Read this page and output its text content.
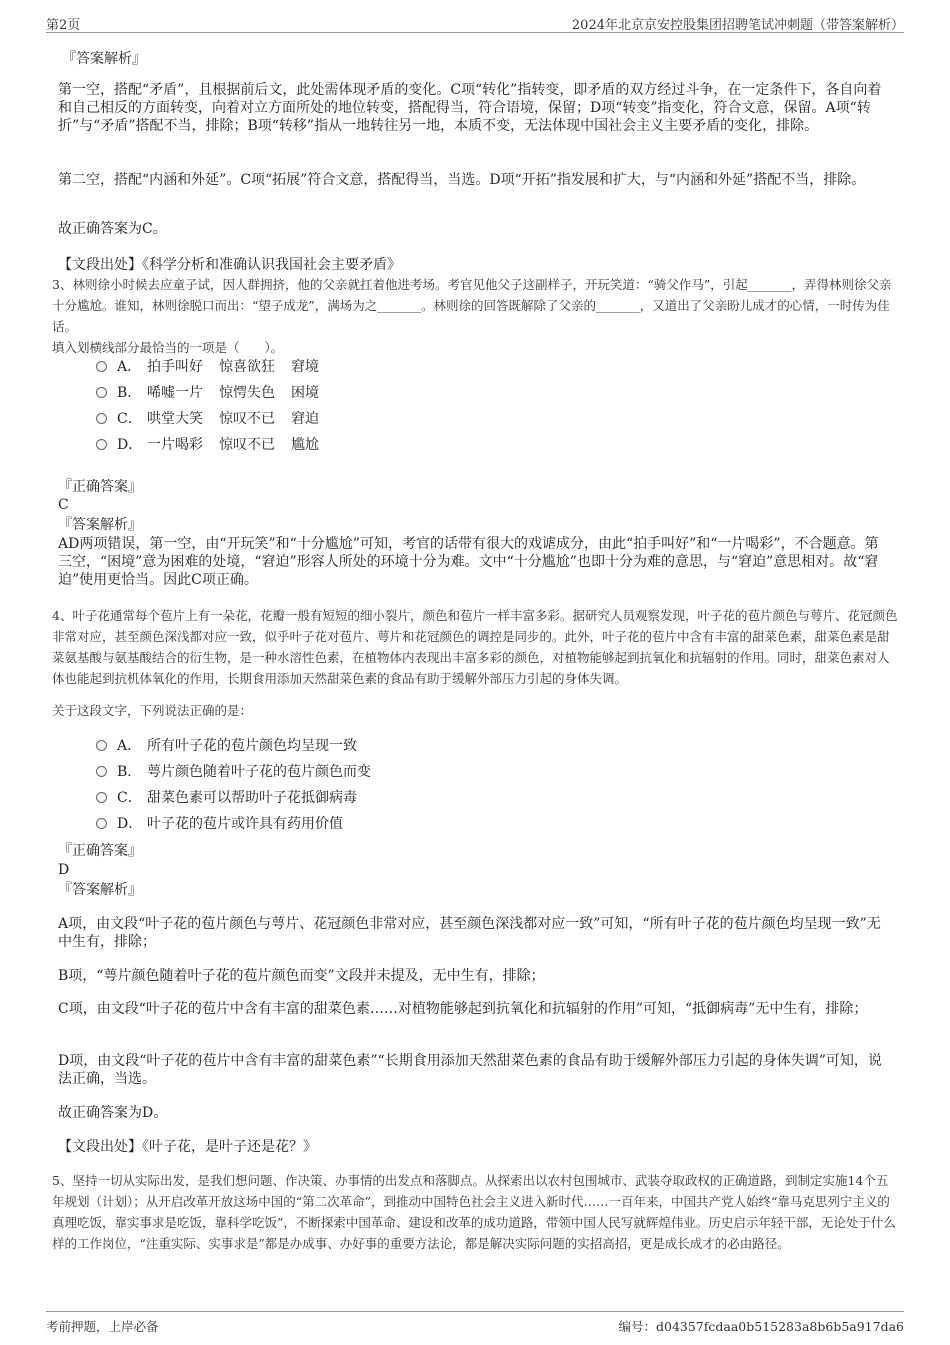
第2页	2024年北京京安控股集团招聘笔试冲刺题（带答案解析）
『答案解析』
第一空，搭配“矛盾”，且根据前后文，此处需体现矛盾的变化。C项“转化”指转变，即矛盾的双方经过斗争，在一定条件下，各自向着和自己相反的方面转变，向着对立方面所处的地位转变，搭配得当，符合语境，保留；D项“转变”指变化，符合文意，保留。A项“转折”与“矛盾”搭配不当，排除；B项“转移”指从一地转往另一地，本质不变，无法体现中国社会主义主要矛盾的变化，排除。
第二空，搭配“内涵和外延”。C项“拓展”符合文意，搭配得当，当选。D项“开拓”指发展和扩大，与“内涵和外延”搭配不当，排除。
故正确答案为C。
【文段出处】《科学分析和准确认识我国社会主要矛盾》
3、林则徐小时候去应童子试，因人群拥挤，他的父亲就扛着他进考场。考官见他父子这副样子，开玩笑道：“骑父作马”，引起_______，弄得林则徐父亲十分尴尬。谁知，林则徐脱口而出：“望子成龙”，满场为之_______。林则徐的回答既解除了父亲的_______，又道出了父亲盼儿成才的心情，一时传为佳话。
填入划横线部分最恰当的一项是（　　）。
A． 拍手叫好 惊喜欲狂 窘境
B． 唏嘘一片 惊愕失色 困境
C． 哄堂大笑 惊叹不已 窘迫
D． 一片喝彩 惊叹不已 尴尬
『正确答案』
C
『答案解析』
AD两项错误，第一空，由“开玩笑”和“十分尴尬”可知，考官的话带有很大的戏谑成分，由此“拍手叫好”和“一片喝彩”，不合题意。第三空，“困境”意为困难的处境，“窘迫”形容人所处的环境十分为难。文中“十分尴尬”也即十分为难的意思，与“窘迫”意思相对。故“窘迫”使用更恰当。因此C项正确。
4、叶子花通常每个苞片上有一朵花，花瓣一般有短短的细小裂片，颜色和苞片一样丰富多彩。据研究人员观察发现，叶子花的苞片颜色与萼片、花冠颜色非常对应，甚至颜色深浅都对应一致，似乎叶子花对苞片、萼片和花冠颜色的调控是同步的。此外，叶子花的苞片中含有丰富的甜菜色素，甜菜色素是甜菜氨基酸与氨基酸结合的衍生物，是一种水溶性色素，在植物体内表现出丰富多彩的颜色，对植物能够起到抗氧化和抗辐射的作用。同时，甜菜色素对人体也能起到抗机体氧化的作用，长期食用添加天然甜菜色素的食品有助于缓解外部压力引起的身体失调。
关于这段文字，下列说法正确的是：
A． 所有叶子花的苞片颜色均呈现一致
B． 萼片颜色随着叶子花的苞片颜色而变
C． 甜菜色素可以帮助叶子花抵御病毒
D． 叶子花的苞片或许具有药用价值
『正确答案』
D
『答案解析』
A项，由文段“叶子花的苞片颜色与萼片、花冠颜色非常对应，甚至颜色深浅都对应一致”可知，“所有叶子花的苞片颜色均呈现一致”无中生有，排除；
B项，“萼片颜色随着叶子花的苞片颜色而变”文段并未提及，无中生有，排除；
C项，由文段“叶子花的苞片中含有丰富的甜菜色素……对植物能够起到抗氧化和抗辐射的作用”可知，“抵御病毒”无中生有，排除；
D项，由文段“叶子花的苞片中含有丰富的甜菜色素”“长期食用添加天然甜菜色素的食品有助于缓解外部压力引起的身体失调”可知，说法正确，当选。
故正确答案为D。
【文段出处】《叶子花，是叶子还是花？》
5、坚持一切从实际出发，是我们想问题、作决策、办事情的出发点和落脚点。从探索出以农村包围城市、武装夺取政权的正确道路，到制定实施14个五年规划（计划）；从开启改革开放这场中国的“第二次革命”，到推动中国特色社会主义进入新时代……一百年来，中国共产党人始终“靠马克思列宁主义的真理吃饭，靠实事求是吃饭，靠科学吃饭”，不断探索中国革命、建设和改革的成功道路，带领中国人民写就辉煌伟业。历史启示年轻干部，无论处于什么样的工作岗位，“注重实际、实事求是”都是办成事、办好事的重要方法论，都是解决实际问题的实招高招，更是成长成才的必由路径。
考前押题，上岸必备	编号：d04357fcdaa0b515283a8b6b5a917da6
